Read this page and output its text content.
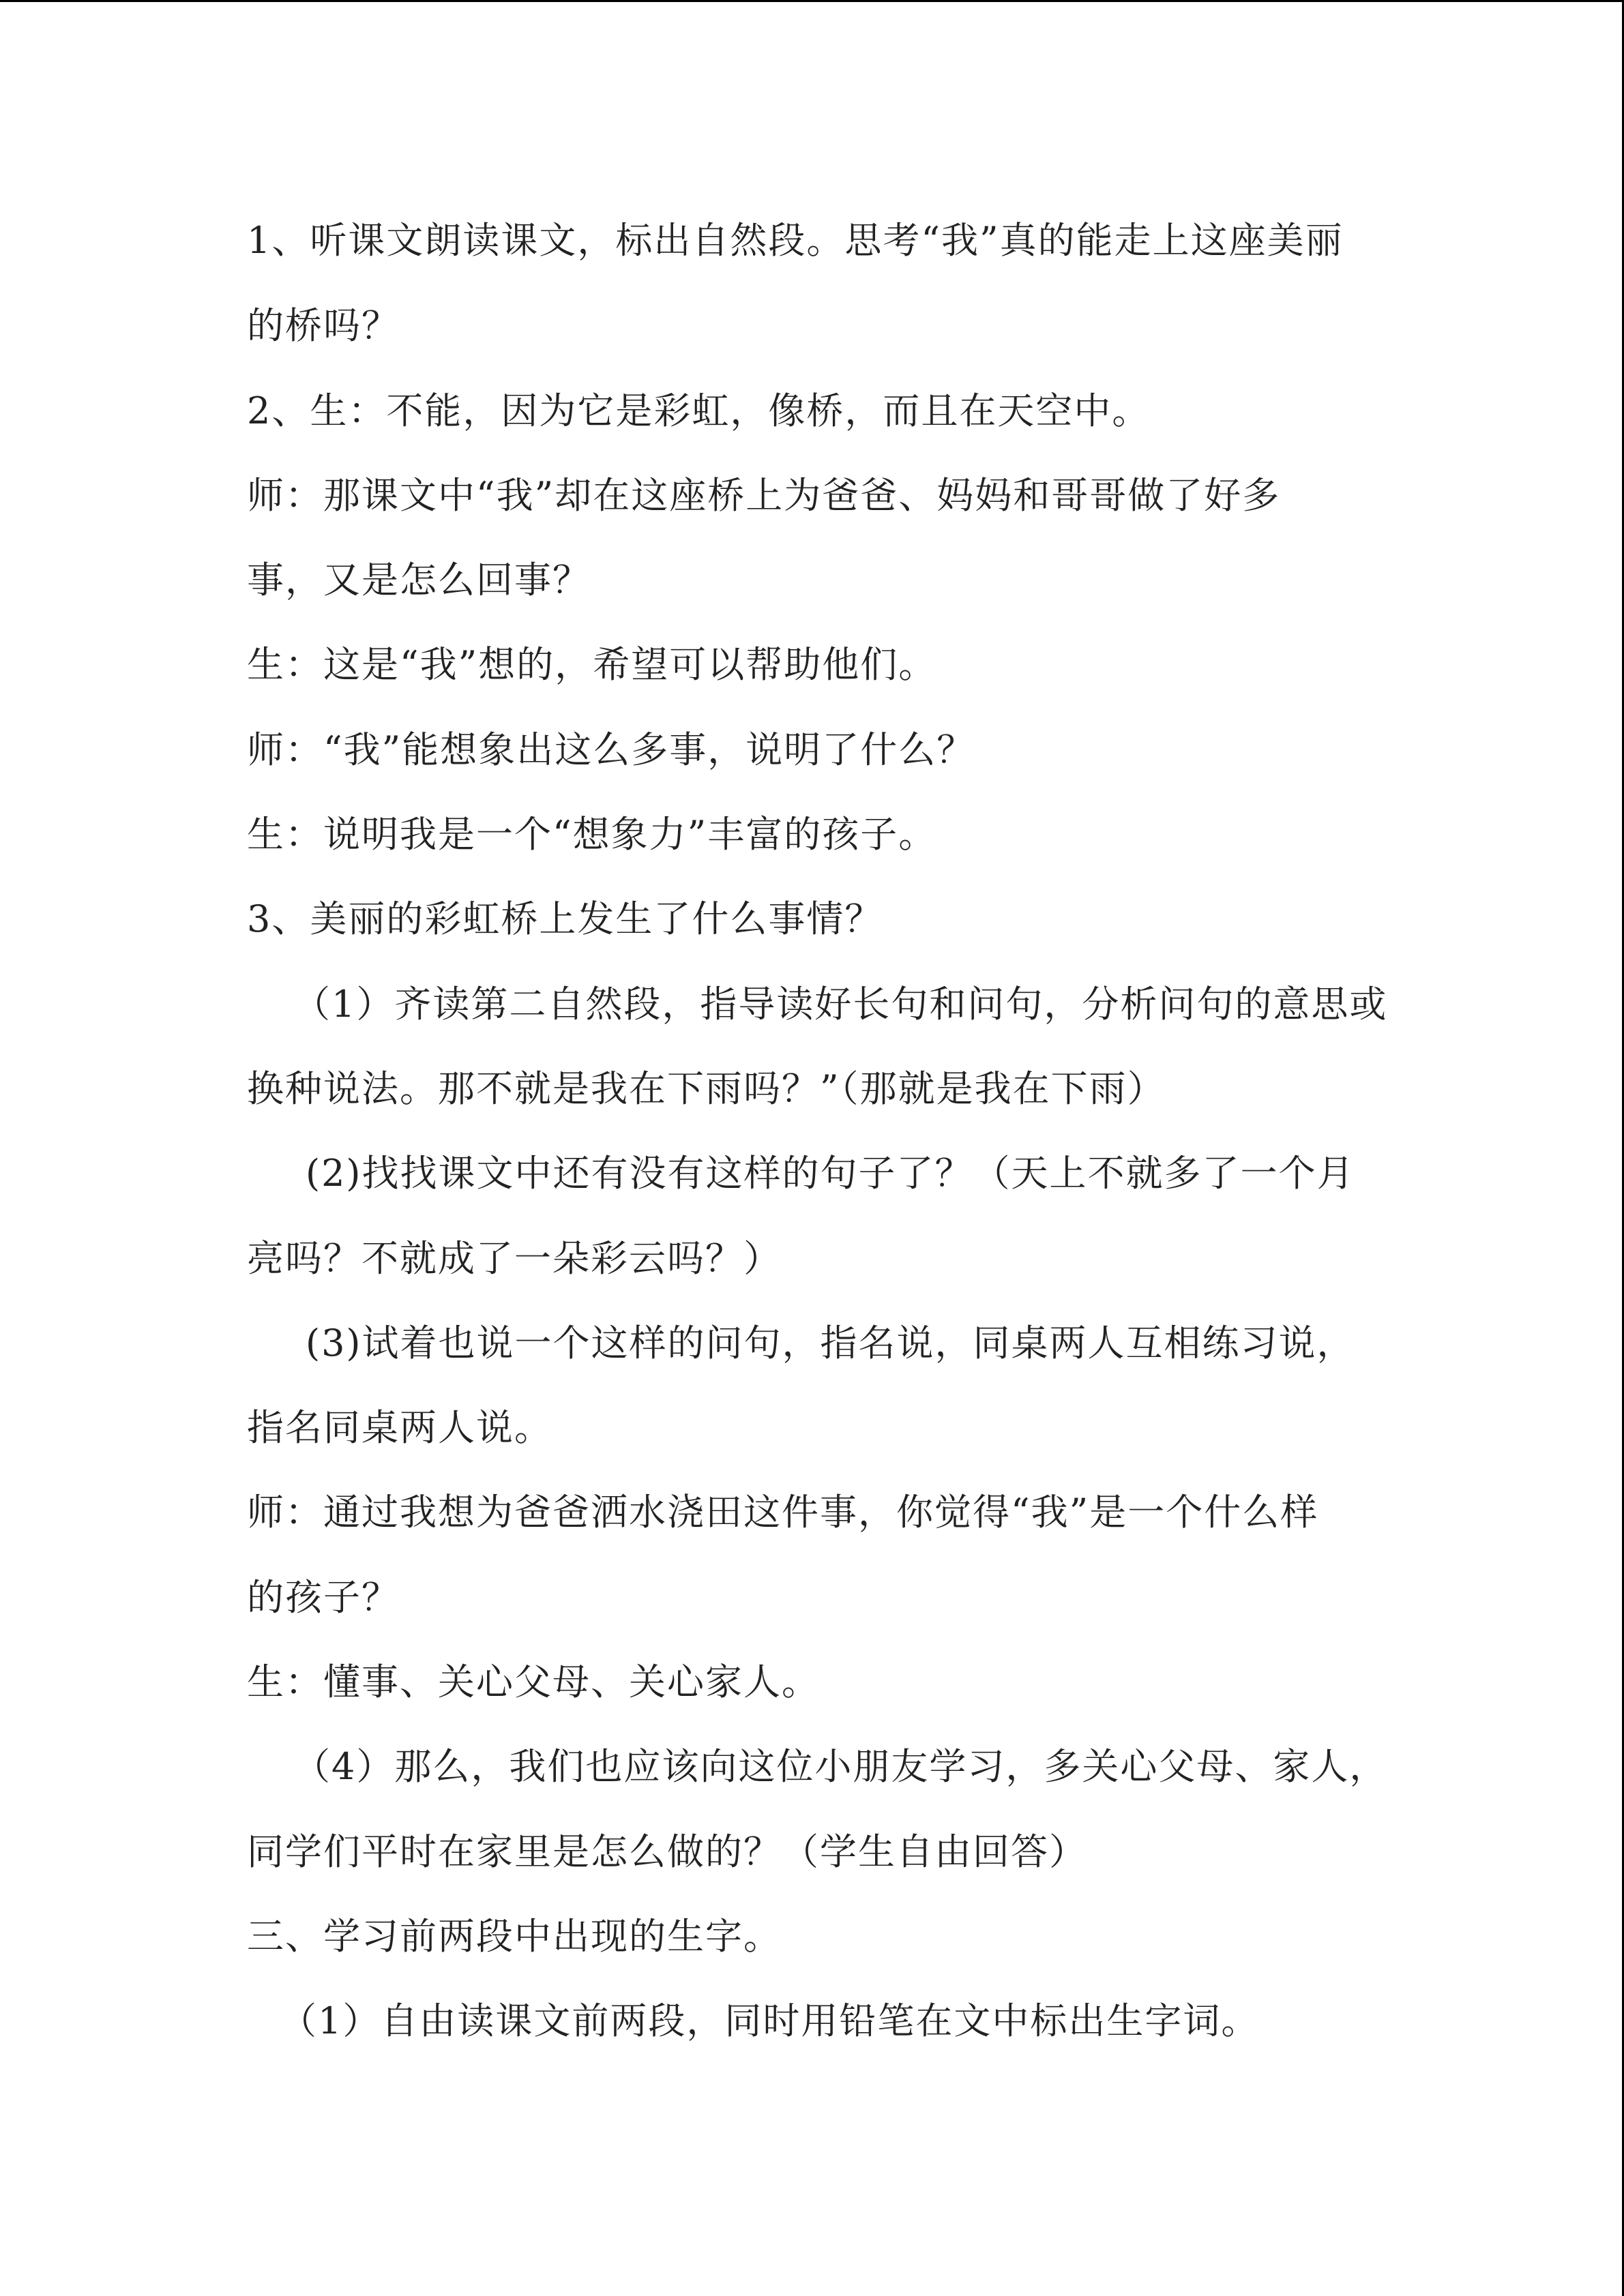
1、听课文朗读课文，标出自然段。思考“我”真的能走上这座美丽
的桥吗？
2、生：不能，因为它是彩虹，像桥，而且在天空中。
师：那课文中“我”却在这座桥上为爸爸、妈妈和哥哥做了好多
事，又是怎么回事？
生：这是“我”想的，希望可以帮助他们。
师：“我”能想象出这么多事，说明了什么？
生：说明我是一个“想象力”丰富的孩子。
3、美丽的彩虹桥上发生了什么事情？
（1）齐读第二自然段，指导读好长句和问句，分析问句的意思或
换种说法。那不就是我在下雨吗？”（那就是我在下雨）
(2)找找课文中还有没有这样的句子了？（天上不就多了一个月
亮吗？不就成了一朵彩云吗？）
(3)试着也说一个这样的问句，指名说，同桌两人互相练习说，
指名同桌两人说。
师：通过我想为爸爸洒水浇田这件事，你觉得“我”是一个什么样
的孩子？
生：懂事、关心父母、关心家人。
（4）那么，我们也应该向这位小朋友学习，多关心父母、家人，
同学们平时在家里是怎么做的？（学生自由回答）
三、学习前两段中出现的生字。
（1）自由读课文前两段，同时用铅笔在文中标出生字词。
